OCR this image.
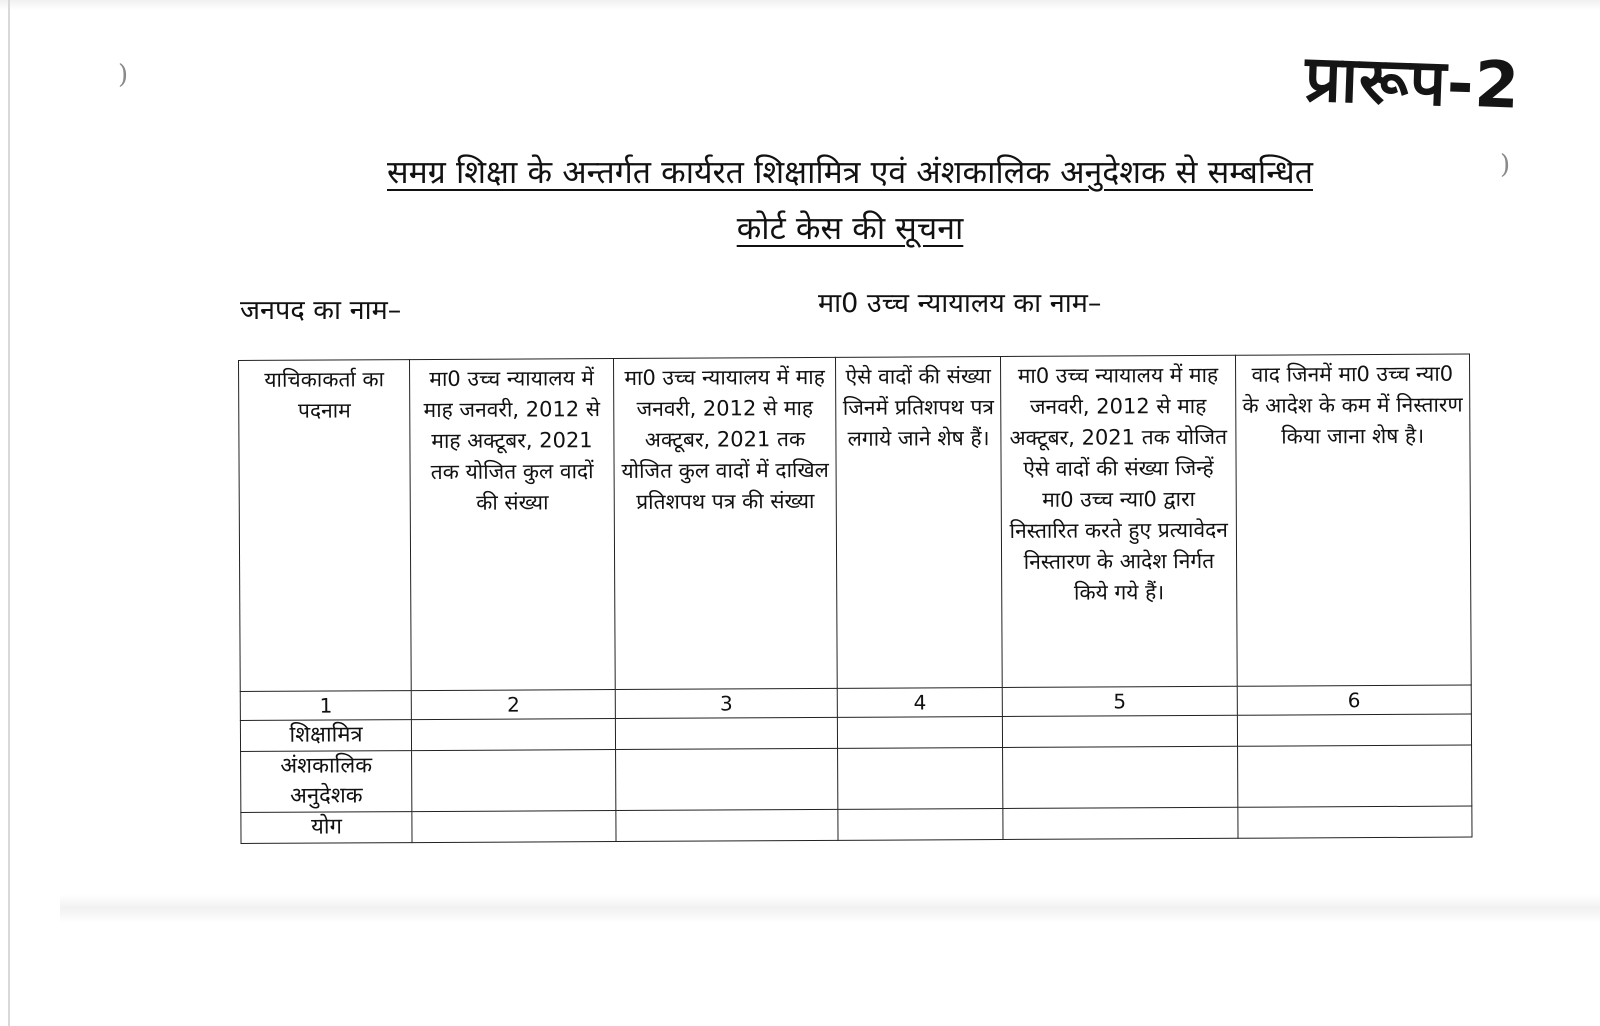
)
)
प्रारूप-2
समग्र शिक्षा के अन्तर्गत कार्यरत शिक्षामित्र एवं अंशकालिक अनुदेशक से सम्बन्धित
कोर्ट केस की सूचना
जनपद का नाम–	मा0 उच्च न्यायालय का नाम–
याचिकाकर्ता का पदनाम	मा0 उच्च न्यायालय में माह जनवरी, 2012 से माह अक्टूबर, 2021 तक योजित कुल वादों की संख्या	मा0 उच्च न्यायालय में माह जनवरी, 2012 से माह अक्टूबर, 2021 तक योजित कुल वादों में दाखिल प्रतिशपथ पत्र की संख्या	ऐसे वादों की संख्या जिनमें प्रतिशपथ पत्र लगाये जाने शेष हैं।	मा0 उच्च न्यायालय में माह जनवरी, 2012 से माह अक्टूबर, 2021 तक योजित ऐसे वादों की संख्या जिन्हें मा0 उच्च न्या0 द्वारा निस्तारित करते हुए प्रत्यावेदन निस्तारण के आदेश निर्गत किये गये हैं।	वाद जिनमें मा0 उच्च न्या0 के आदेश के कम में निस्तारण किया जाना शेष है।
1	2	3	4	5	6
शिक्षामित्र					
अंशकालिक अनुदेशक					
योग					
